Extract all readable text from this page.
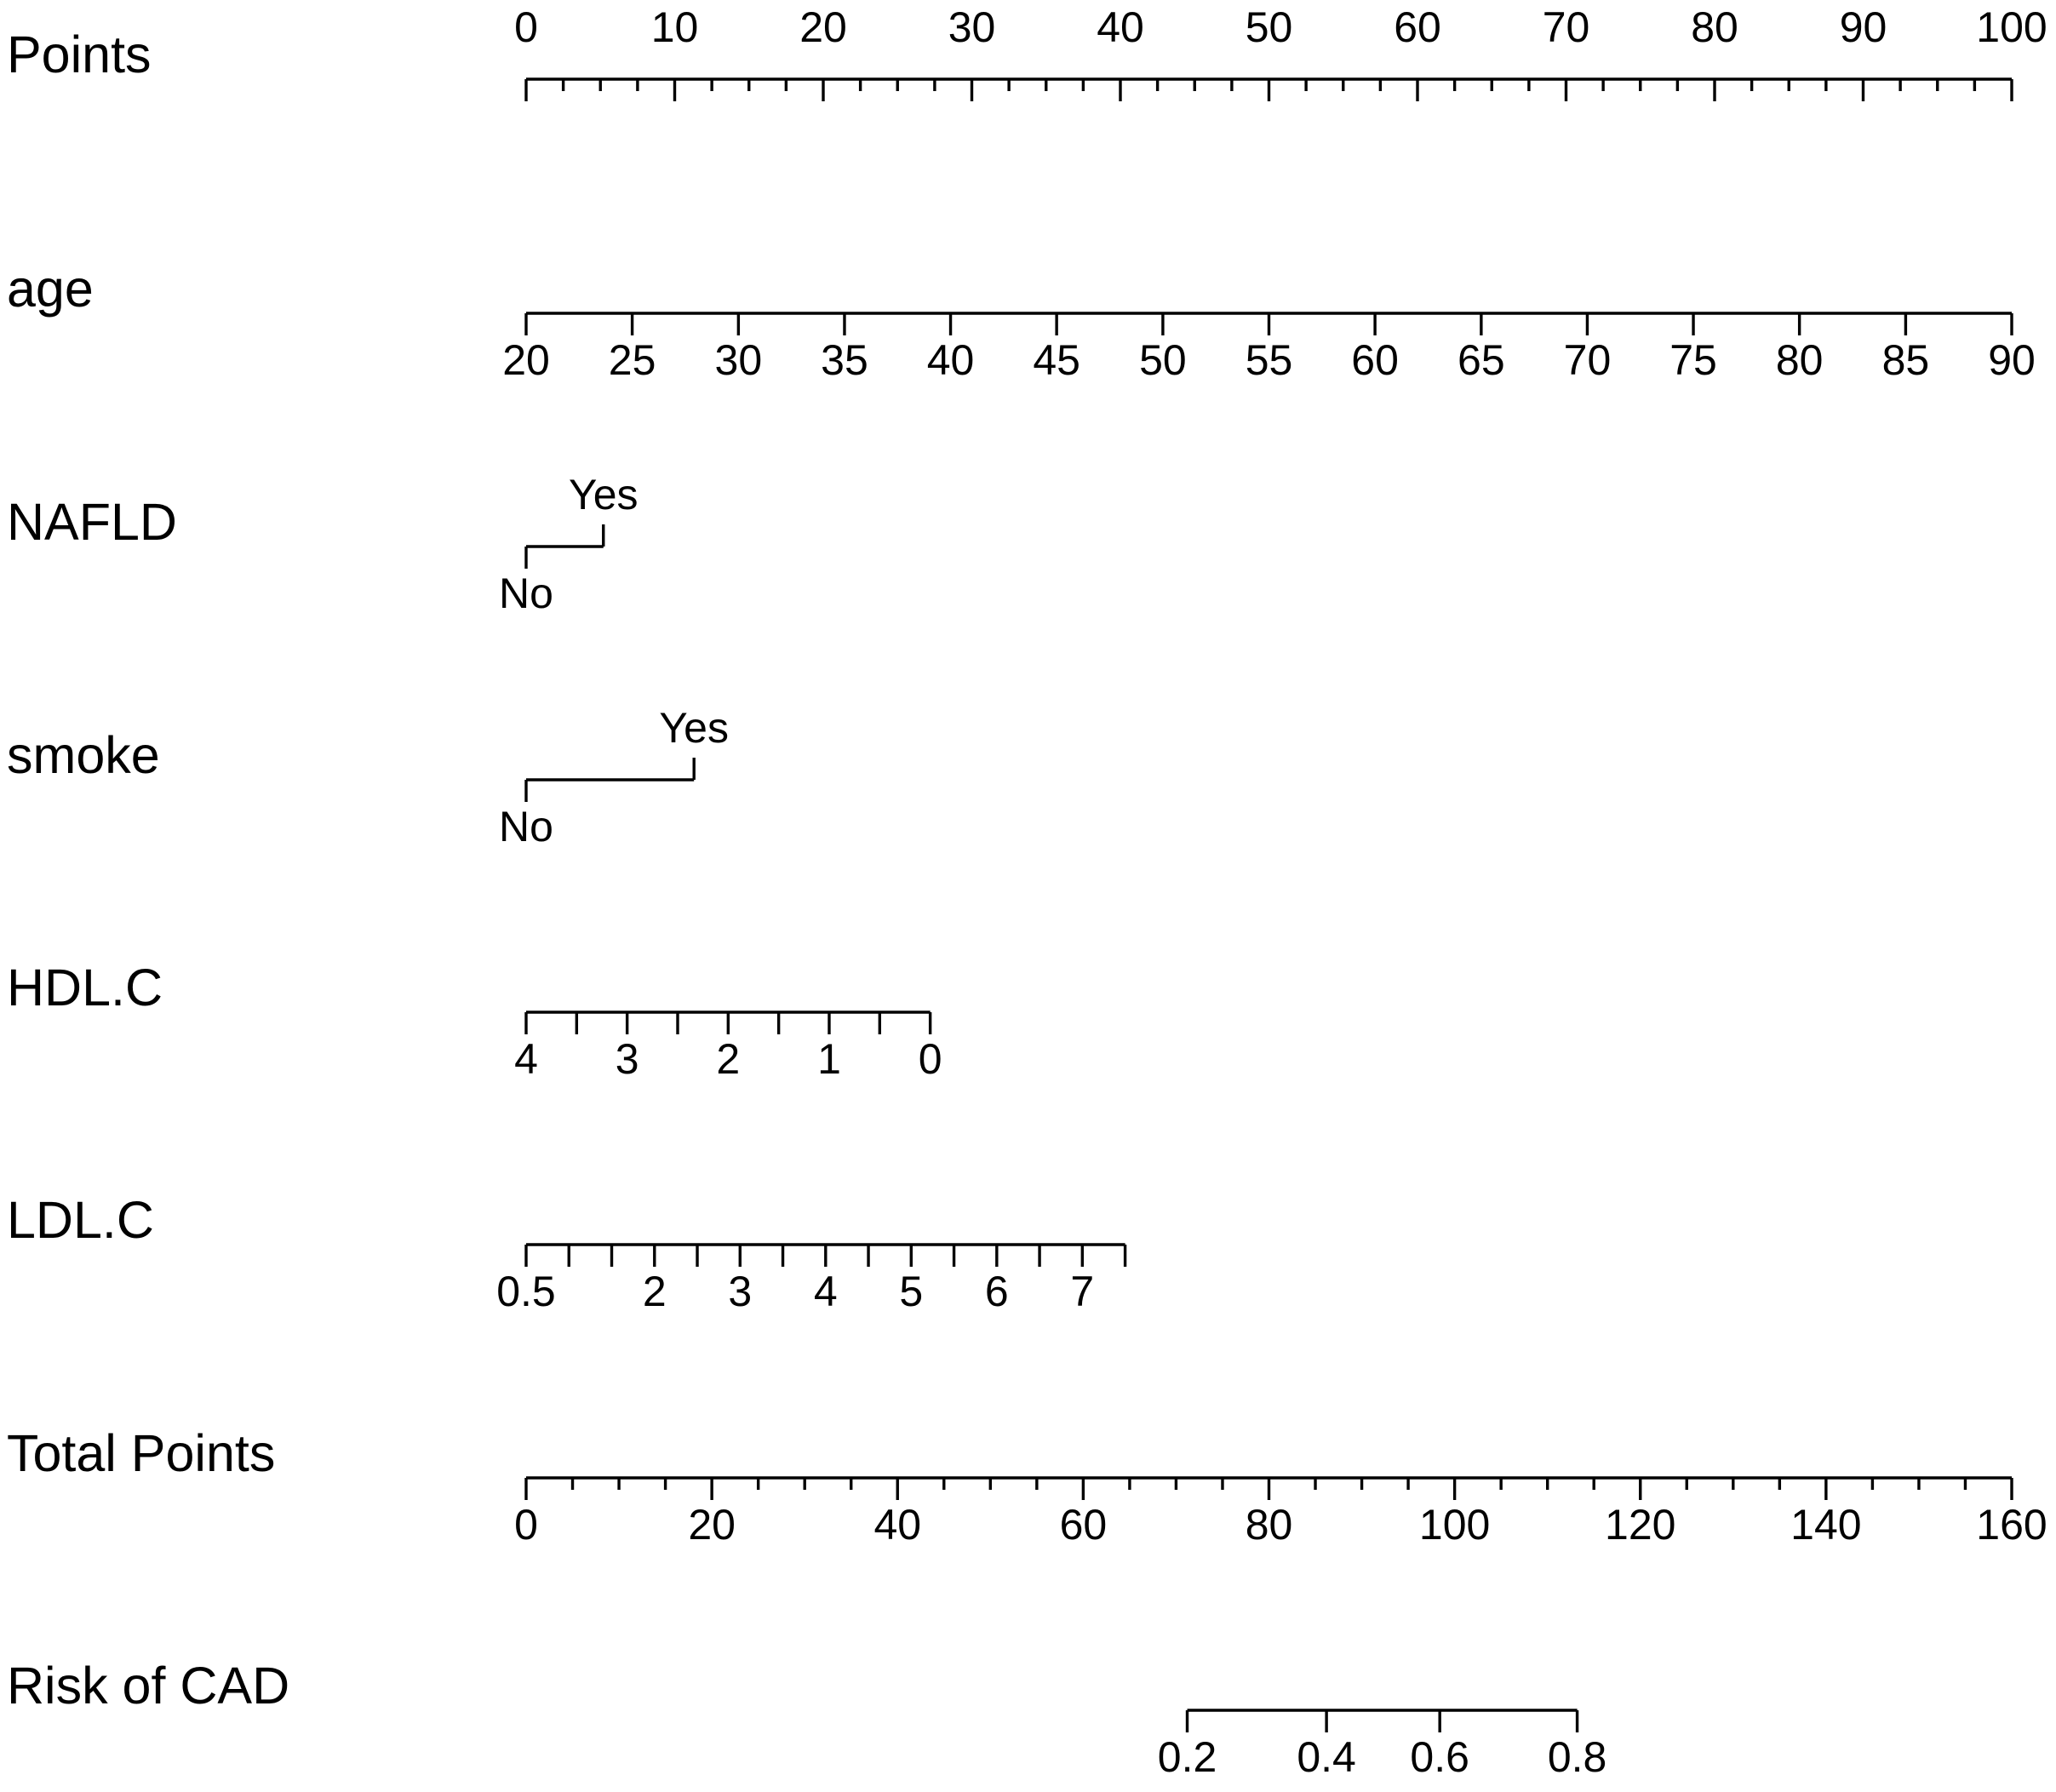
Points	0	10 20 30 40 50 60 70 80 90 100
age
20 25 30 35 40 45 50 55 60 65 70 75 80 85 90
NAFLD
No
Yes
smoke
No
Yes
HDL.C
4 3 2 1 0
LDL.C
0.5 2 3 4 5 6 7
Total Points
0	20	40	60	80	100	120	140	160
Risk of CAD
0.2 0.4 0.6 0.8
